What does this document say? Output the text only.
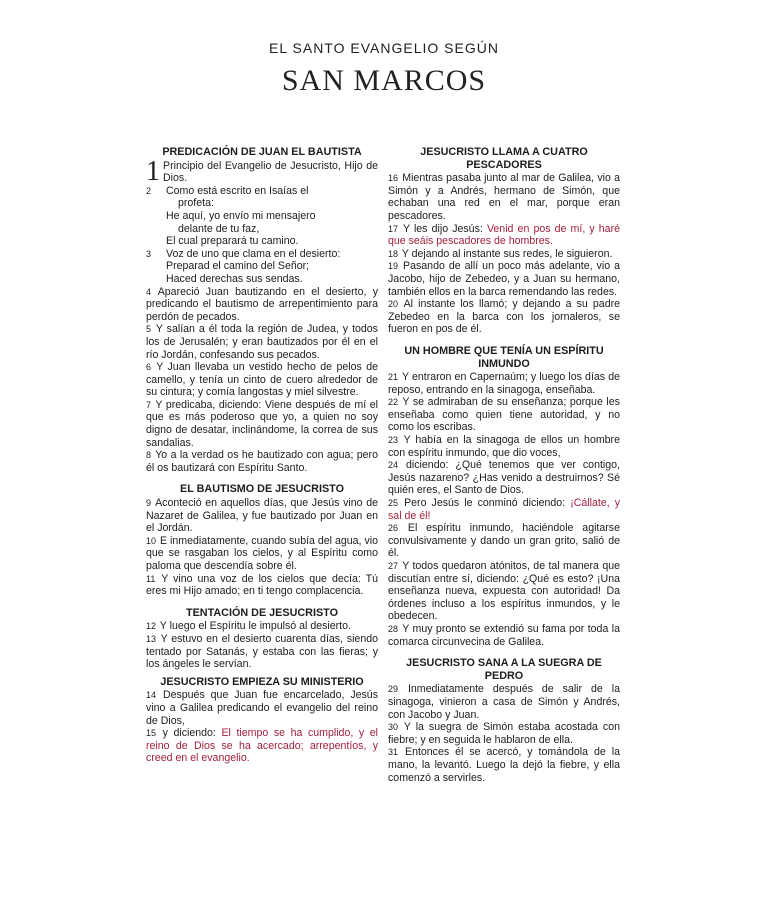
EL SANTO EVANGELIO SEGÚN
SAN MARCOS
PREDICACIÓN DE JUAN EL BAUTISTA

1 Principio del Evangelio de Jesucristo, Hijo de Dios.

2 Como está escrito en Isaías el
profeta:
He aquí, yo envío mi mensajero
delante de tu faz,
El cual preparará tu camino.
3 Voz de uno que clama en el desierto:
Preparad el camino del Señor;
Haced derechas sus sendas.

4 Apareció Juan bautizando en el desierto, y predicando el bautismo de arrepentimiento para perdón de pecados.

5 Y salían a él toda la región de Judea, y todos los de Jerusalén; y eran bautizados por él en el río Jordán, confesando sus pecados.

6 Y Juan llevaba un vestido hecho de pelos de camello, y tenía un cinto de cuero alrededor de su cintura; y comía langostas y miel silvestre.

7 Y predicaba, diciendo: Viene después de mí el que es más poderoso que yo, a quien no soy digno de desatar, inclinándome, la correa de sus sandalias.

8 Yo a la verdad os he bautizado con agua; pero él os bautizará con Espíritu Santo.

EL BAUTISMO DE JESUCRISTO

9 Aconteció en aquellos días, que Jesús vino de Nazaret de Galilea, y fue bautizado por Juan en el Jordán.

10 E inmediatamente, cuando subía del agua, vio que se rasgaban los cielos, y al Espíritu como paloma que descendía sobre él.

11 Y vino una voz de los cielos que decía: Tú eres mi Hijo amado; en ti tengo complacencia.

TENTACIÓN DE JESUCRISTO

12 Y luego el Espíritu le impulsó al desierto.

13 Y estuvo en el desierto cuarenta días, siendo tentado por Satanás, y estaba con las fieras; y los ángeles le servían.

JESUCRISTO EMPIEZA SU MINISTERIO

14 Después que Juan fue encarcelado, Jesús vino a Galilea predicando el evangelio del reino de Dios,

15 y diciendo: El tiempo se ha cumplido, y el reino de Dios se ha acercado; arrepentíos, y creed en el evangelio.

JESUCRISTO LLAMA A CUATRO PESCADORES

16 Mientras pasaba junto al mar de Galilea, vio a Simón y a Andrés, hermano de Simón, que echaban una red en el mar, porque eran pescadores.

17 Y les dijo Jesús: Venid en pos de mí, y haré que seáis pescadores de hombres.

18 Y dejando al instante sus redes, le siguieron.

19 Pasando de allí un poco más adelante, vio a Jacobo, hijo de Zebedeo, y a Juan su hermano, también ellos en la barca remendando las redes.

20 Al instante los llamó; y dejando a su padre Zebedeo en la barca con los jornaleros, se fueron en pos de él.

UN HOMBRE QUE TENÍA UN ESPÍRITU INMUNDO

21 Y entraron en Capernaúm; y luego los días de reposo, entrando en la sinagoga, enseñaba.

22 Y se admiraban de su enseñanza; porque les enseñaba como quien tiene autoridad, y no como los escribas.

23 Y había en la sinagoga de ellos un hombre con espíritu inmundo, que dio voces,

24 diciendo: ¿Qué tenemos que ver contigo, Jesús nazareno? ¿Has venido a destruirnos? Sé quién eres, el Santo de Dios.

25 Pero Jesús le conminó diciendo: ¡Cállate, y sal de él!

26 El espíritu inmundo, haciéndole agitarse convulsivamente y dando un gran grito, salió de él.

27 Y todos quedaron atónitos, de tal manera que discutían entre sí, diciendo: ¿Qué es esto? ¡Una enseñanza nueva, expuesta con autoridad! Da órdenes incluso a los espíritus inmundos, y le obedecen.

28 Y muy pronto se extendió su fama por toda la comarca circunvecina de Galilea.

JESUCRISTO SANA A LA SUEGRA DE PEDRO

29 Inmediatamente después de salir de la sinagoga, vinieron a casa de Simón y Andrés, con Jacobo y Juan.

30 Y la suegra de Simón estaba acostada con fiebre; y en seguida le hablaron de ella.

31 Entonces él se acercó, y tomándola de la mano, la levantó. Luego la dejó la fiebre, y ella comenzó a servirles.
